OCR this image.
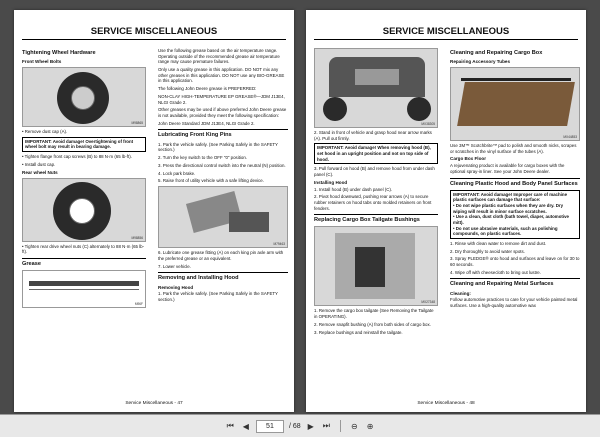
SERVICE MISCELLANEOUS
Tightening Wheel Hardware
Front Wheel Bolts
M98865

• Remove dust cap (A).

IMPORTANT: Avoid damage! Overtightening of front wheel bolt may result in bearing damage.

• Tighten flange front cap screws (B) to 88 N·m (65 lb-ft).

• Install dust cap.

Rear wheel Nuts
M98856

• Tighten rear drive wheel nuts (C) alternately to 88 N·m (65 lb-ft).

Grease
M96F

Use the following grease based on the air temperature range. Operating outside of the recommended grease air temperature range may cause premature failures.

Only use a quality grease in this application. DO NOT mix any other greases in this application. DO NOT use any BIO-GREASE in this application.

The following John Deere grease is PREFERRED:

NON-CLAY HIGH-TEMPERATURE EP GREASE®—JDM J13E4, NLGI Grade 2.

Other greases may be used if above preferred John Deere grease is not available, provided they meet the following specification:

John Deere Standard JDM J13E4, NLGI Grade 2.

Lubricating Front King Pins

1. Park the vehicle safely. (See Parking Safely in the SAFETY section.)

2. Turn the key switch to the OFF "0" position.

3. Press the directional control switch into the neutral (N) position.

4. Lock park brake.

5. Raise front of utility vehicle with a safe lifting device.

M79463

6. Lubricate one grease fitting (A) on each king pin axle arm with the preferred grease or an equivalent.

7. Lower vehicle.

Removing and Installing Hood
Removing Hood

1. Park the vehicle safely. (See Parking Safely in the SAFETY section.)

Service Miscellaneous - 47
SERVICE MISCELLANEOUS
MX38305

2. Stand in front of vehicle and grasp hood near arrow marks (A). Pull out firmly.

IMPORTANT: Avoid damage! When removing hood (B), set hood in an upright position and not on top side of hood.

3. Pull forward on hood (B) and remove hood from under dash panel (C).

Installing Hood

1. Install hood (B) under dash panel (C).

2. Pivot hood downward, pushing rear arrows (A) to secure rubber retainers on hood tabs onto molded retainers on front fenders.

Replacing Cargo Box Tailgate Bushings
MX27348

1. Remove the cargo box tailgate (See Removing the Tailgate in OPERATING).

2. Remove snapfit bushing (A) from both sides of cargo box.

3. Replace bushings and reinstall the tailgate.

Cleaning and Repairing Cargo Box
Repairing Accessory Tubes
MX44853

Use 3M™ Scotchbrite™ pad to polish and smooth nicks, scrapes or scratches in the vinyl surface of the tubes (A).

Cargo Box Floor

A rejuvenating product is available for cargo boxes with the optional spray-in liner. See your John Deere dealer.

Cleaning Plastic Hood and Body Panel Surfaces
IMPORTANT: Avoid damage! Improper care of machine plastic surfaces can damage that surface:
• Do not wipe plastic surfaces when they are dry. Dry wiping will result in minor surface scratches.
• Use a clean, dust cloth (bath towel, diaper, automotive mitt).
• Do not use abrasive materials, such as polishing compounds, on plastic surfaces.

1. Rinse with clean water to remove dirt and dust.

2. Dry thoroughly to avoid water spots.

3. Spray PLEDGE® onto hood and surfaces and leave on for 30 to 60 seconds.

4. Wipe off with cheesecloth to bring out lustre.

Cleaning and Repairing Metal Surfaces
Cleaning:

Follow automotive practices to care for your vehicle painted metal surfaces. Use a high-quality automotive wax

Service Miscellaneous - 48
⏮ ◀	51	/ 68 ▶ ⏭	⊖ ⊕
